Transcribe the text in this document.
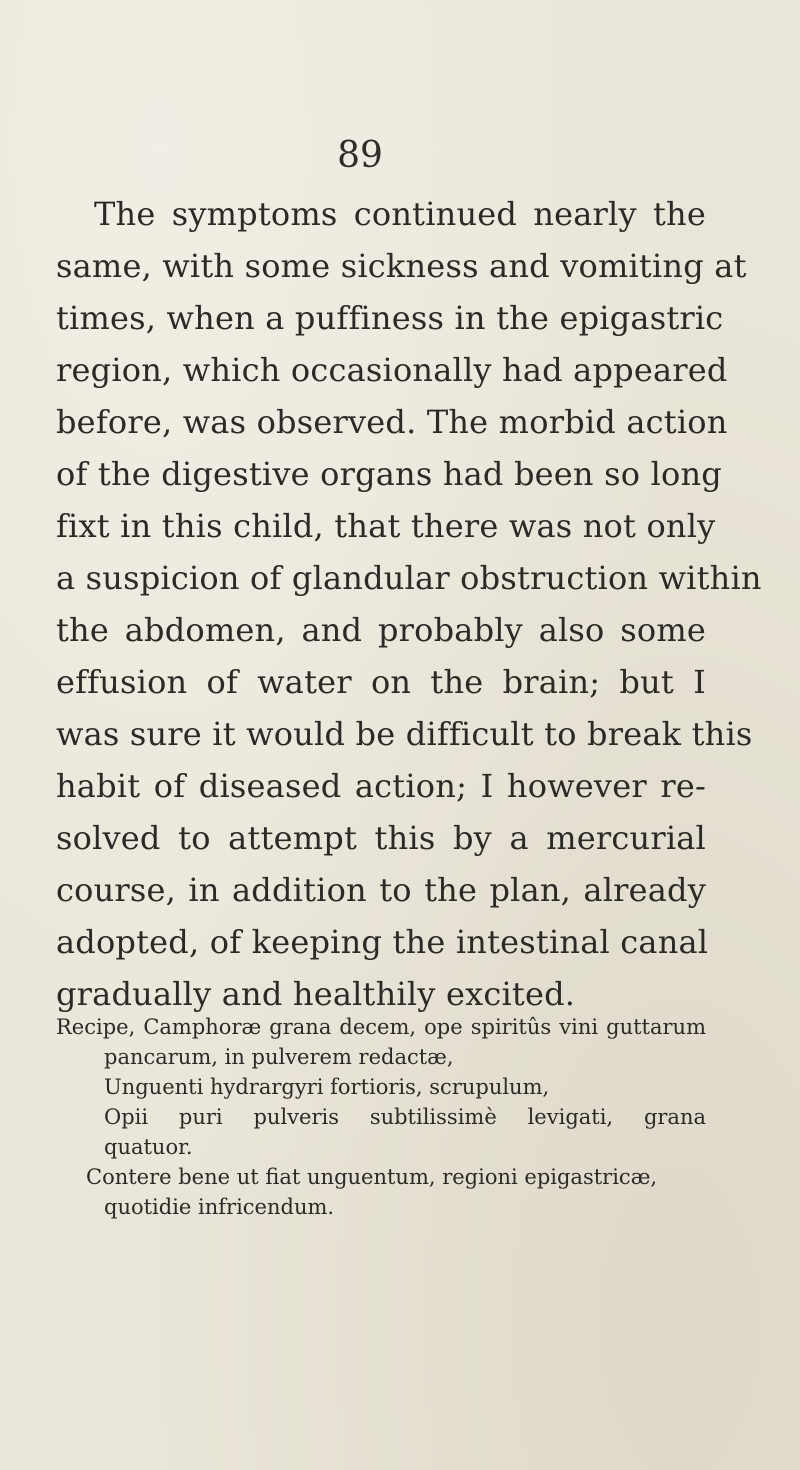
89
The symptoms continued nearly the
same, with some sickness and vomiting at
times, when a puffiness in the epigastric
region, which occasionally had appeared
before, was observed. The morbid action
of the digestive organs had been so long
fixt in this child, that there was not only
a suspicion of glandular obstruction within
the abdomen, and probably also some
effusion of water on the brain; but I
was sure it would be difficult to break this
habit of diseased action; I however re-
solved to attempt this by a mercurial
course, in addition to the plan, already
adopted, of keeping the intestinal canal
gradually and healthily excited.
Recipe, Camphoræ grana decem, ope spiritûs vini guttarum
pancarum, in pulverem redactæ,
Unguenti hydrargyri fortioris, scrupulum,
Opii puri pulveris subtilissimè levigati, grana
quatuor.
Contere bene ut fiat unguentum, regioni epigastricæ,
quotidie infricendum.
